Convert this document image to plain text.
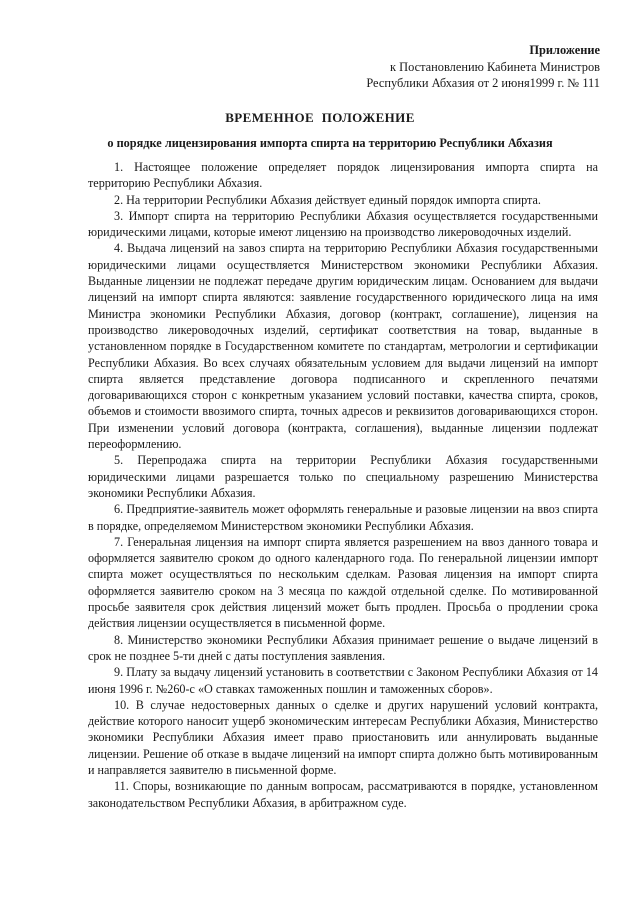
Приложение
к Постановлению Кабинета Министров
Республики Абхазия от 2 июня1999 г. № 111
ВРЕМЕННОЕ ПОЛОЖЕНИЕ
о порядке лицензирования импорта спирта на территорию Республики Абхазия

1. Настоящее положение определяет порядок лицензирования импорта спирта на территорию Республики Абхазия.

2. На территории Республики Абхазия действует единый порядок импорта спирта.

3. Импорт спирта на территорию Республики Абхазия осуществляется государственными юридическими лицами, которые имеют лицензию на производство ликероводочных изделий.

4. Выдача лицензий на завоз спирта на территорию Республики Абхазия государственными юридическими лицами осуществляется Министерством экономики Республики Абхазия. Выданные лицензии не подлежат передаче другим юридическим лицам. Основанием для выдачи лицензий на импорт спирта являются: заявление государственного юридического лица на имя Министра экономики Республики Абхазия, договор (контракт, соглашение), лицензия на производство ликероводочных изделий, сертификат соответствия на товар, выданные в установленном порядке в Государственном комитете по стандартам, метрологии и сертификации Республики Абхазия. Во всех случаях обязательным условием для выдачи лицензий на импорт спирта является представление договора подписанного и скрепленного печатями договаривающихся сторон с конкретным указанием условий поставки, качества спирта, сроков, объемов и стоимости ввозимого спирта, точных адресов и реквизитов договаривающихся сторон. При изменении условий договора (контракта, соглашения), выданные лицензии подлежат переоформлению.

5. Перепродажа спирта на территории Республики Абхазия государственными юридическими лицами разрешается только по специальному разрешению Министерства экономики Республики Абхазия.

6. Предприятие-заявитель может оформлять генеральные и разовые лицензии на ввоз спирта в порядке, определяемом Министерством экономики Республики Абхазия.

7. Генеральная лицензия на импорт спирта является разрешением на ввоз данного товара и оформляется заявителю сроком до одного календарного года. По генеральной лицензии импорт спирта может осуществляться по нескольким сделкам. Разовая лицензия на импорт спирта оформляется заявителю сроком на 3 месяца по каждой отдельной сделке. По мотивированной просьбе заявителя срок действия лицензий может быть продлен. Просьба о продлении срока действия лицензии осуществляется в письменной форме.

8. Министерство экономики Республики Абхазия принимает решение о выдаче лицензий в срок не позднее 5-ти дней с даты поступления заявления.

9. Плату за выдачу лицензий установить в соответствии с Законом Республики Абхазия от 14 июня 1996 г. №260-с «О ставках таможенных пошлин и таможенных сборов».

10. В случае недостоверных данных о сделке и других нарушений условий контракта, действие которого наносит ущерб экономическим интересам Республики Абхазия, Министерство экономики Республики Абхазия имеет право приостановить или аннулировать выданные лицензии. Решение об отказе в выдаче лицензий на импорт спирта должно быть мотивированным и направляется заявителю в письменной форме.

11. Споры, возникающие по данным вопросам, рассматриваются в порядке, установленном законодательством Республики Абхазия, в арбитражном суде.
